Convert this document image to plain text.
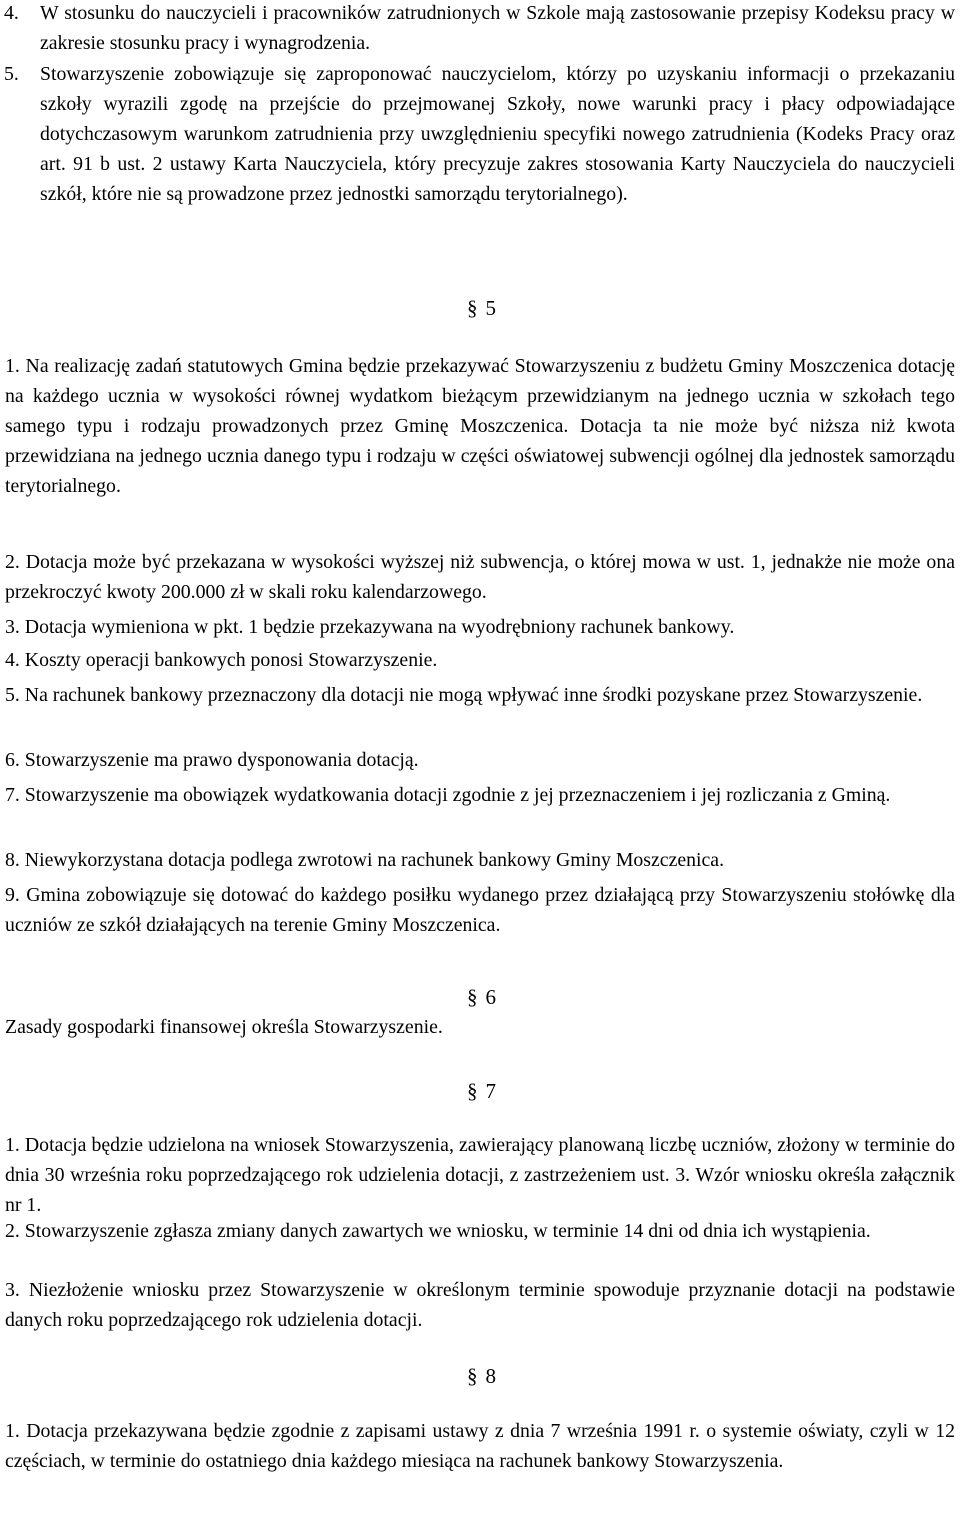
4. W stosunku do nauczycieli i pracowników zatrudnionych w Szkole mają zastosowanie przepisy Kodeksu pracy w zakresie stosunku pracy i wynagrodzenia.

5. Stowarzyszenie zobowiązuje się zaproponować nauczycielom, którzy po uzyskaniu informacji o przekazaniu szkoły wyrazili zgodę na przejście do przejmowanej Szkoły, nowe warunki pracy i płacy odpowiadające dotychczasowym warunkom zatrudnienia przy uwzględnieniu specyfiki nowego zatrudnienia (Kodeks Pracy oraz art. 91 b ust. 2 ustawy Karta Nauczyciela, który precyzuje zakres stosowania Karty Nauczyciela do nauczycieli szkół, które nie są prowadzone przez jednostki samorządu terytorialnego).

§ 5

1. Na realizację zadań statutowych Gmina będzie przekazywać Stowarzyszeniu z budżetu Gminy Moszczenica dotację na każdego ucznia w wysokości równej wydatkom bieżącym przewidzianym na jednego ucznia w szkołach tego samego typu i rodzaju prowadzonych przez Gminę Moszczenica. Dotacja ta nie może być niższa niż kwota przewidziana na jednego ucznia danego typu i rodzaju w części oświatowej subwencji ogólnej dla jednostek samorządu terytorialnego.

2. Dotacja może być przekazana w wysokości wyższej niż subwencja, o której mowa w ust. 1, jednakże nie może ona przekroczyć kwoty 200.000 zł w skali roku kalendarzowego.

3. Dotacja wymieniona w pkt. 1 będzie przekazywana na wyodrębniony rachunek bankowy.

4. Koszty operacji bankowych ponosi Stowarzyszenie.

5. Na rachunek bankowy przeznaczony dla dotacji nie mogą wpływać inne środki pozyskane przez Stowarzyszenie.

6. Stowarzyszenie ma prawo dysponowania dotacją.

7. Stowarzyszenie ma obowiązek wydatkowania dotacji zgodnie z jej przeznaczeniem i jej rozliczania z Gminą.

8. Niewykorzystana dotacja podlega zwrotowi na rachunek bankowy Gminy Moszczenica.

9. Gmina zobowiązuje się dotować do każdego posiłku wydanego przez działającą przy Stowarzyszeniu stołówkę dla uczniów ze szkół działających na terenie Gminy Moszczenica.

§ 6

Zasady gospodarki finansowej określa Stowarzyszenie.

§ 7

1. Dotacja będzie udzielona na wniosek Stowarzyszenia, zawierający planowaną liczbę uczniów, złożony w terminie do dnia 30 września roku poprzedzającego rok udzielenia dotacji, z zastrzeżeniem ust. 3. Wzór wniosku określa załącznik nr 1.

2. Stowarzyszenie zgłasza zmiany danych zawartych we wniosku, w terminie 14 dni od dnia ich wystąpienia.

3. Niezłożenie wniosku przez Stowarzyszenie w określonym terminie spowoduje przyznanie dotacji na podstawie danych roku poprzedzającego rok udzielenia dotacji.

§ 8

1. Dotacja przekazywana będzie zgodnie z zapisami ustawy z dnia 7 września 1991 r. o systemie oświaty, czyli w 12 częściach, w terminie do ostatniego dnia każdego miesiąca na rachunek bankowy Stowarzyszenia.
